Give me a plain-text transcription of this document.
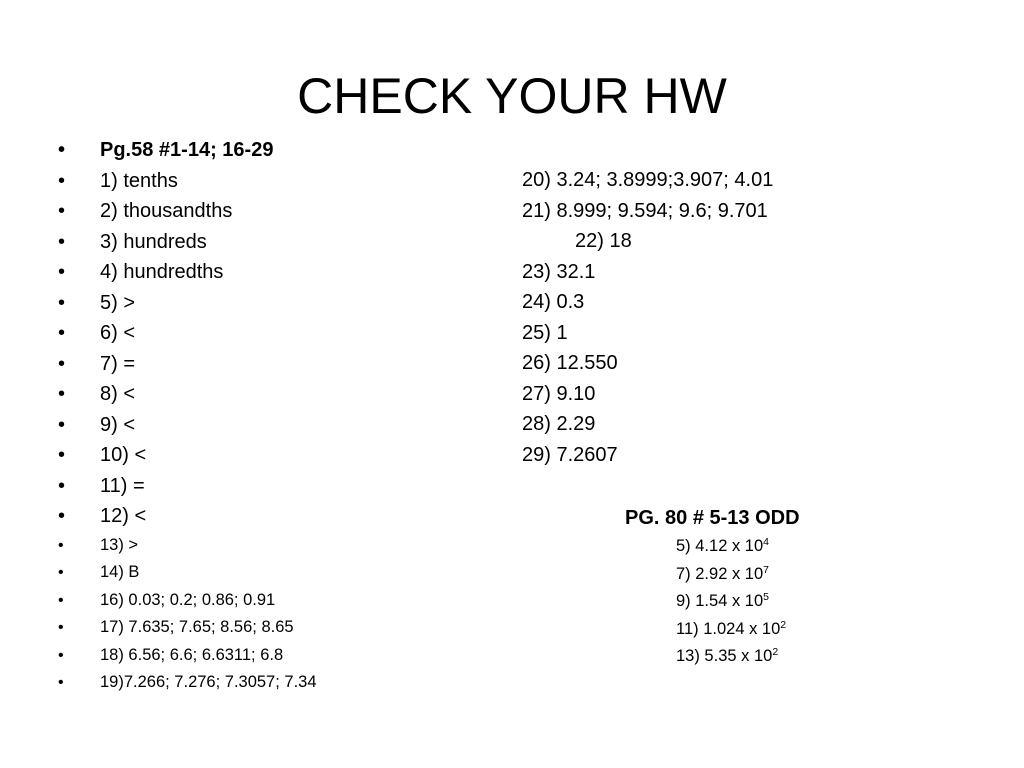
CHECK YOUR HW
• Pg.58 #1-14; 16-29
• 1) tenths
• 2) thousandths
• 3) hundreds
• 4) hundredths
• 5) >
• 6) <
• 7) =
• 8) <
• 9) <
• 10) <
• 11) =
• 12) <
• 13) >
• 14) B
• 16) 0.03; 0.2; 0.86; 0.91
• 17) 7.635; 7.65; 8.56; 8.65
• 18) 6.56; 6.6; 6.6311; 6.8
• 19)7.266; 7.276; 7.3057; 7.34
20) 3.24; 3.8999;3.907; 4.01
21) 8.999; 9.594; 9.6; 9.701
22) 18
23) 32.1
24) 0.3
25) 1
26) 12.550
27) 9.10
28) 2.29
29) 7.2607
PG. 80 # 5-13 ODD
5) 4.12 x $10^4$
7) 2.92 x $10^7$
9) 1.54 x $10^5$
11) 1.024 x $10^2$
13) 5.35 x $10^2$
